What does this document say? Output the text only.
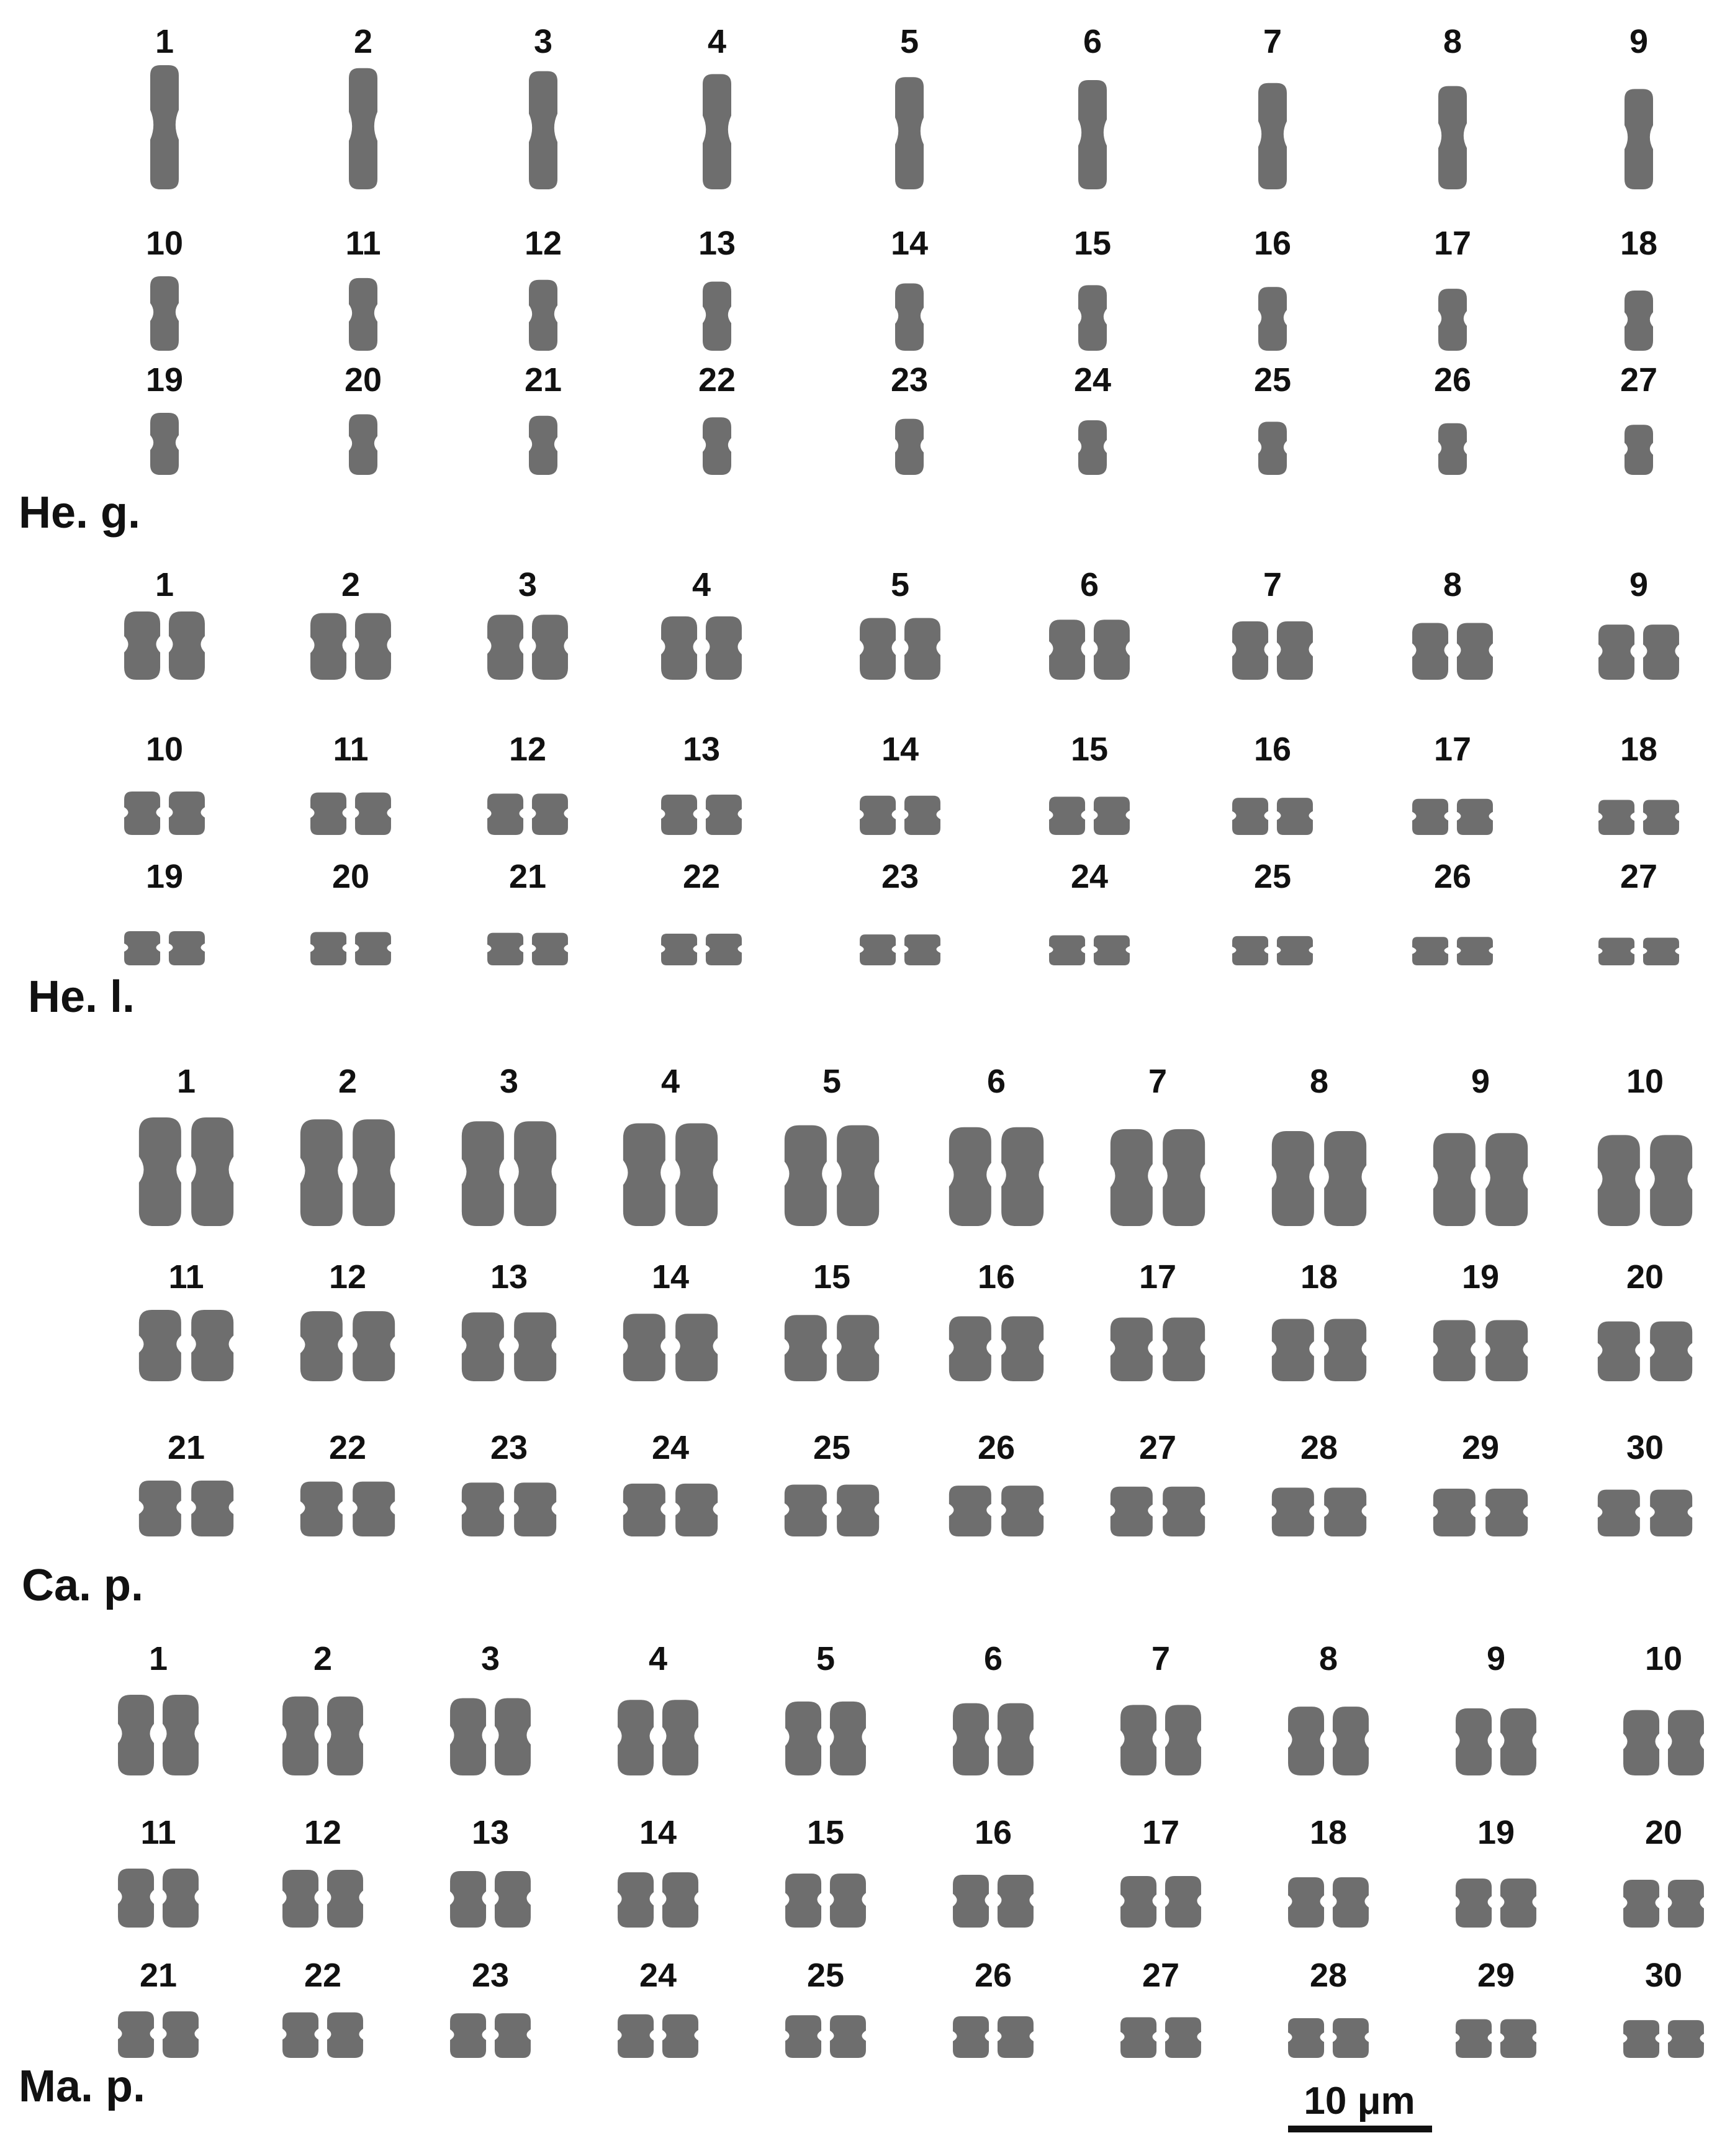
He. g.
1	2	3	4	5	6	7	8	9
10	11	12	13	14	15	16	17	18
19	20	21	22	23	24	25	26	27
He. l.
1	2	3	4	5	6	7	8	9
10	11	12	13	14	15	16	17	18
19	20	21	22	23	24	25	26	27
Ca. p.
1	2	3	4	5	6	7	8	9	10
11	12	13	14	15	16	17	18	19	20
21	22	23	24	25	26	27	28	29	30
Ma. p.
1	2	3	4	5	6	7	8	9	10
11	12	13	14	15	16	17	18	19	20
21	22	23	24	25	26	27	28	29	30
10 μm
